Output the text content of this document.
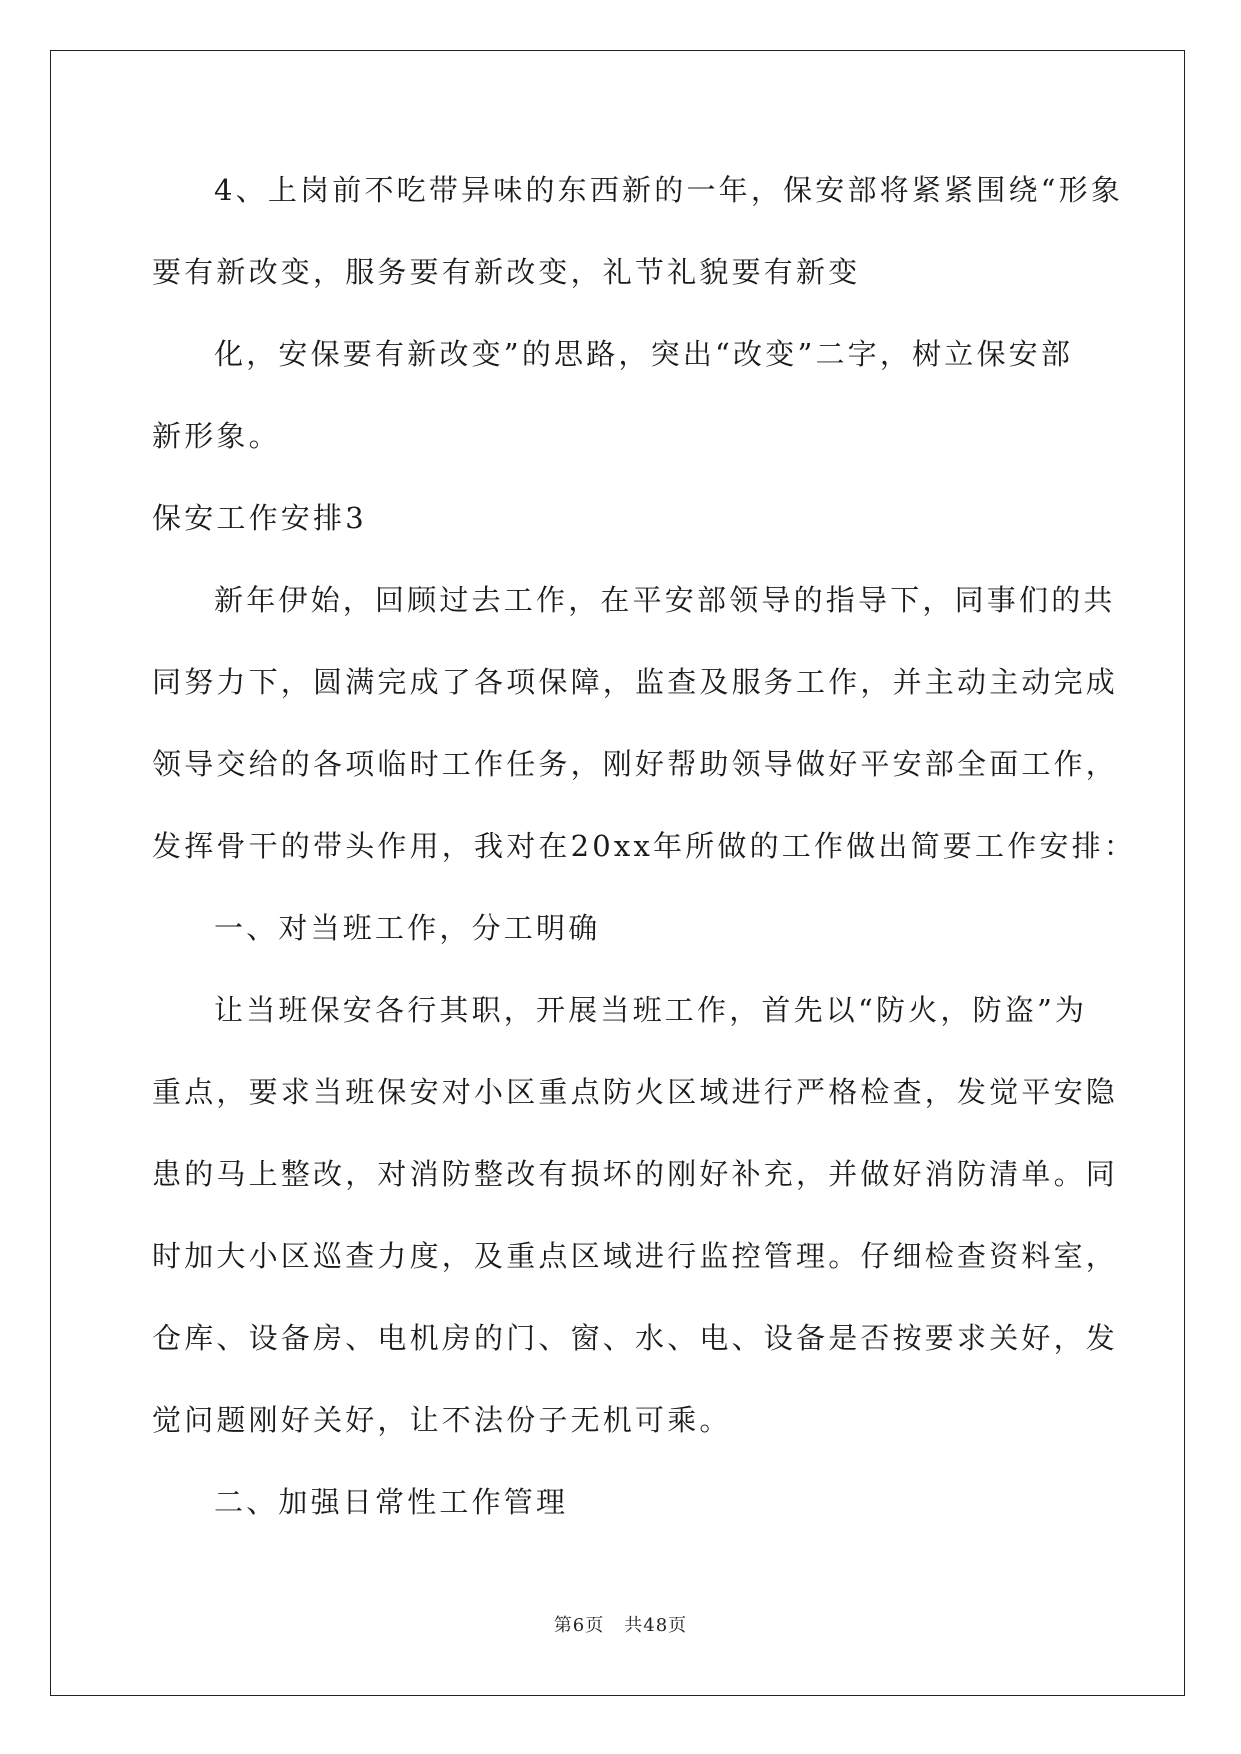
4、上岗前不吃带异味的东西新的一年，保安部将紧紧围绕“形象
要有新改变，服务要有新改变，礼节礼貌要有新变
化，安保要有新改变”的思路，突出“改变”二字，树立保安部
新形象。
保安工作安排3
新年伊始，回顾过去工作，在平安部领导的指导下，同事们的共
同努力下，圆满完成了各项保障，监查及服务工作，并主动主动完成
领导交给的各项临时工作任务，刚好帮助领导做好平安部全面工作，
发挥骨干的带头作用，我对在20xx年所做的工作做出简要工作安排：
一、对当班工作，分工明确
让当班保安各行其职，开展当班工作，首先以“防火，防盗”为
重点，要求当班保安对小区重点防火区域进行严格检查，发觉平安隐
患的马上整改，对消防整改有损坏的刚好补充，并做好消防清单。同
时加大小区巡查力度，及重点区域进行监控管理。仔细检查资料室，
仓库、设备房、电机房的门、窗、水、电、设备是否按要求关好，发
觉问题刚好关好，让不法份子无机可乘。
二、加强日常性工作管理
第6页 共48页
